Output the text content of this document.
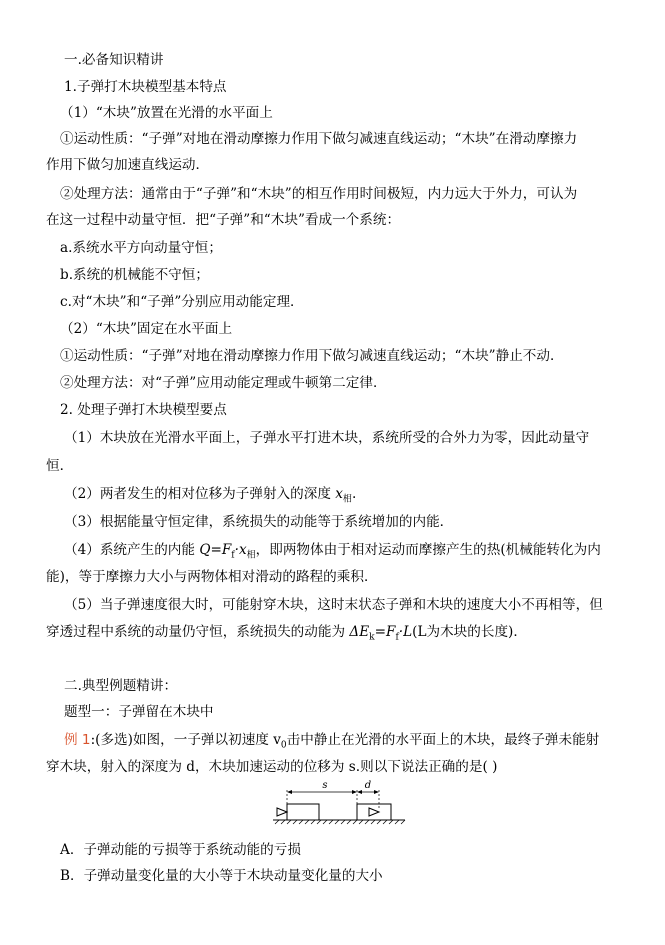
一.必备知识精讲
1.子弹打木块模型基本特点
（1）“木块”放置在光滑的水平面上
①运动性质：“子弹”对地在滑动摩擦力作用下做匀减速直线运动；“木块”在滑动摩擦力
作用下做匀加速直线运动．
②处理方法：通常由于“子弹”和“木块”的相互作用时间极短，内力远大于外力，可认为
在这一过程中动量守恒．把“子弹”和“木块”看成一个系统：
a.系统水平方向动量守恒；
b.系统的机械能不守恒；
c.对“木块”和“子弹”分别应用动能定理．
（2）“木块”固定在水平面上
①运动性质：“子弹”对地在滑动摩擦力作用下做匀减速直线运动；“木块”静止不动．
②处理方法：对“子弹”应用动能定理或牛顿第二定律．
2. 处理子弹打木块模型要点
（1）木块放在光滑水平面上，子弹水平打进木块，系统所受的合外力为零，因此动量守
恒．
（2）两者发生的相对位移为子弹射入的深度 $x_相$.
（3）根据能量守恒定律，系统损失的动能等于系统增加的内能．
（4）系统产生的内能 $Q=F_f\cdot x_相$，即两物体由于相对运动而摩擦产生的热(机械能转化为内
能)，等于摩擦力大小与两物体相对滑动的路程的乘积．
（5）当子弹速度很大时，可能射穿木块，这时末状态子弹和木块的速度大小不再相等，但
穿透过程中系统的动量仍守恒，系统损失的动能为 $\Delta E_k=F_f\cdot L(L$为木块的长度)．
二.典型例题精讲：
题型一：子弹留在木块中
例 1:(多选)如图，一子弹以初速度 $v_0$击中静止在光滑的水平面上的木块，最终子弹未能射
穿木块，射入的深度为 d，木块加速运动的位移为 s.则以下说法正确的是( )
s	d
A．子弹动能的亏损等于系统动能的亏损
B．子弹动量变化量的大小等于木块动量变化量的大小
